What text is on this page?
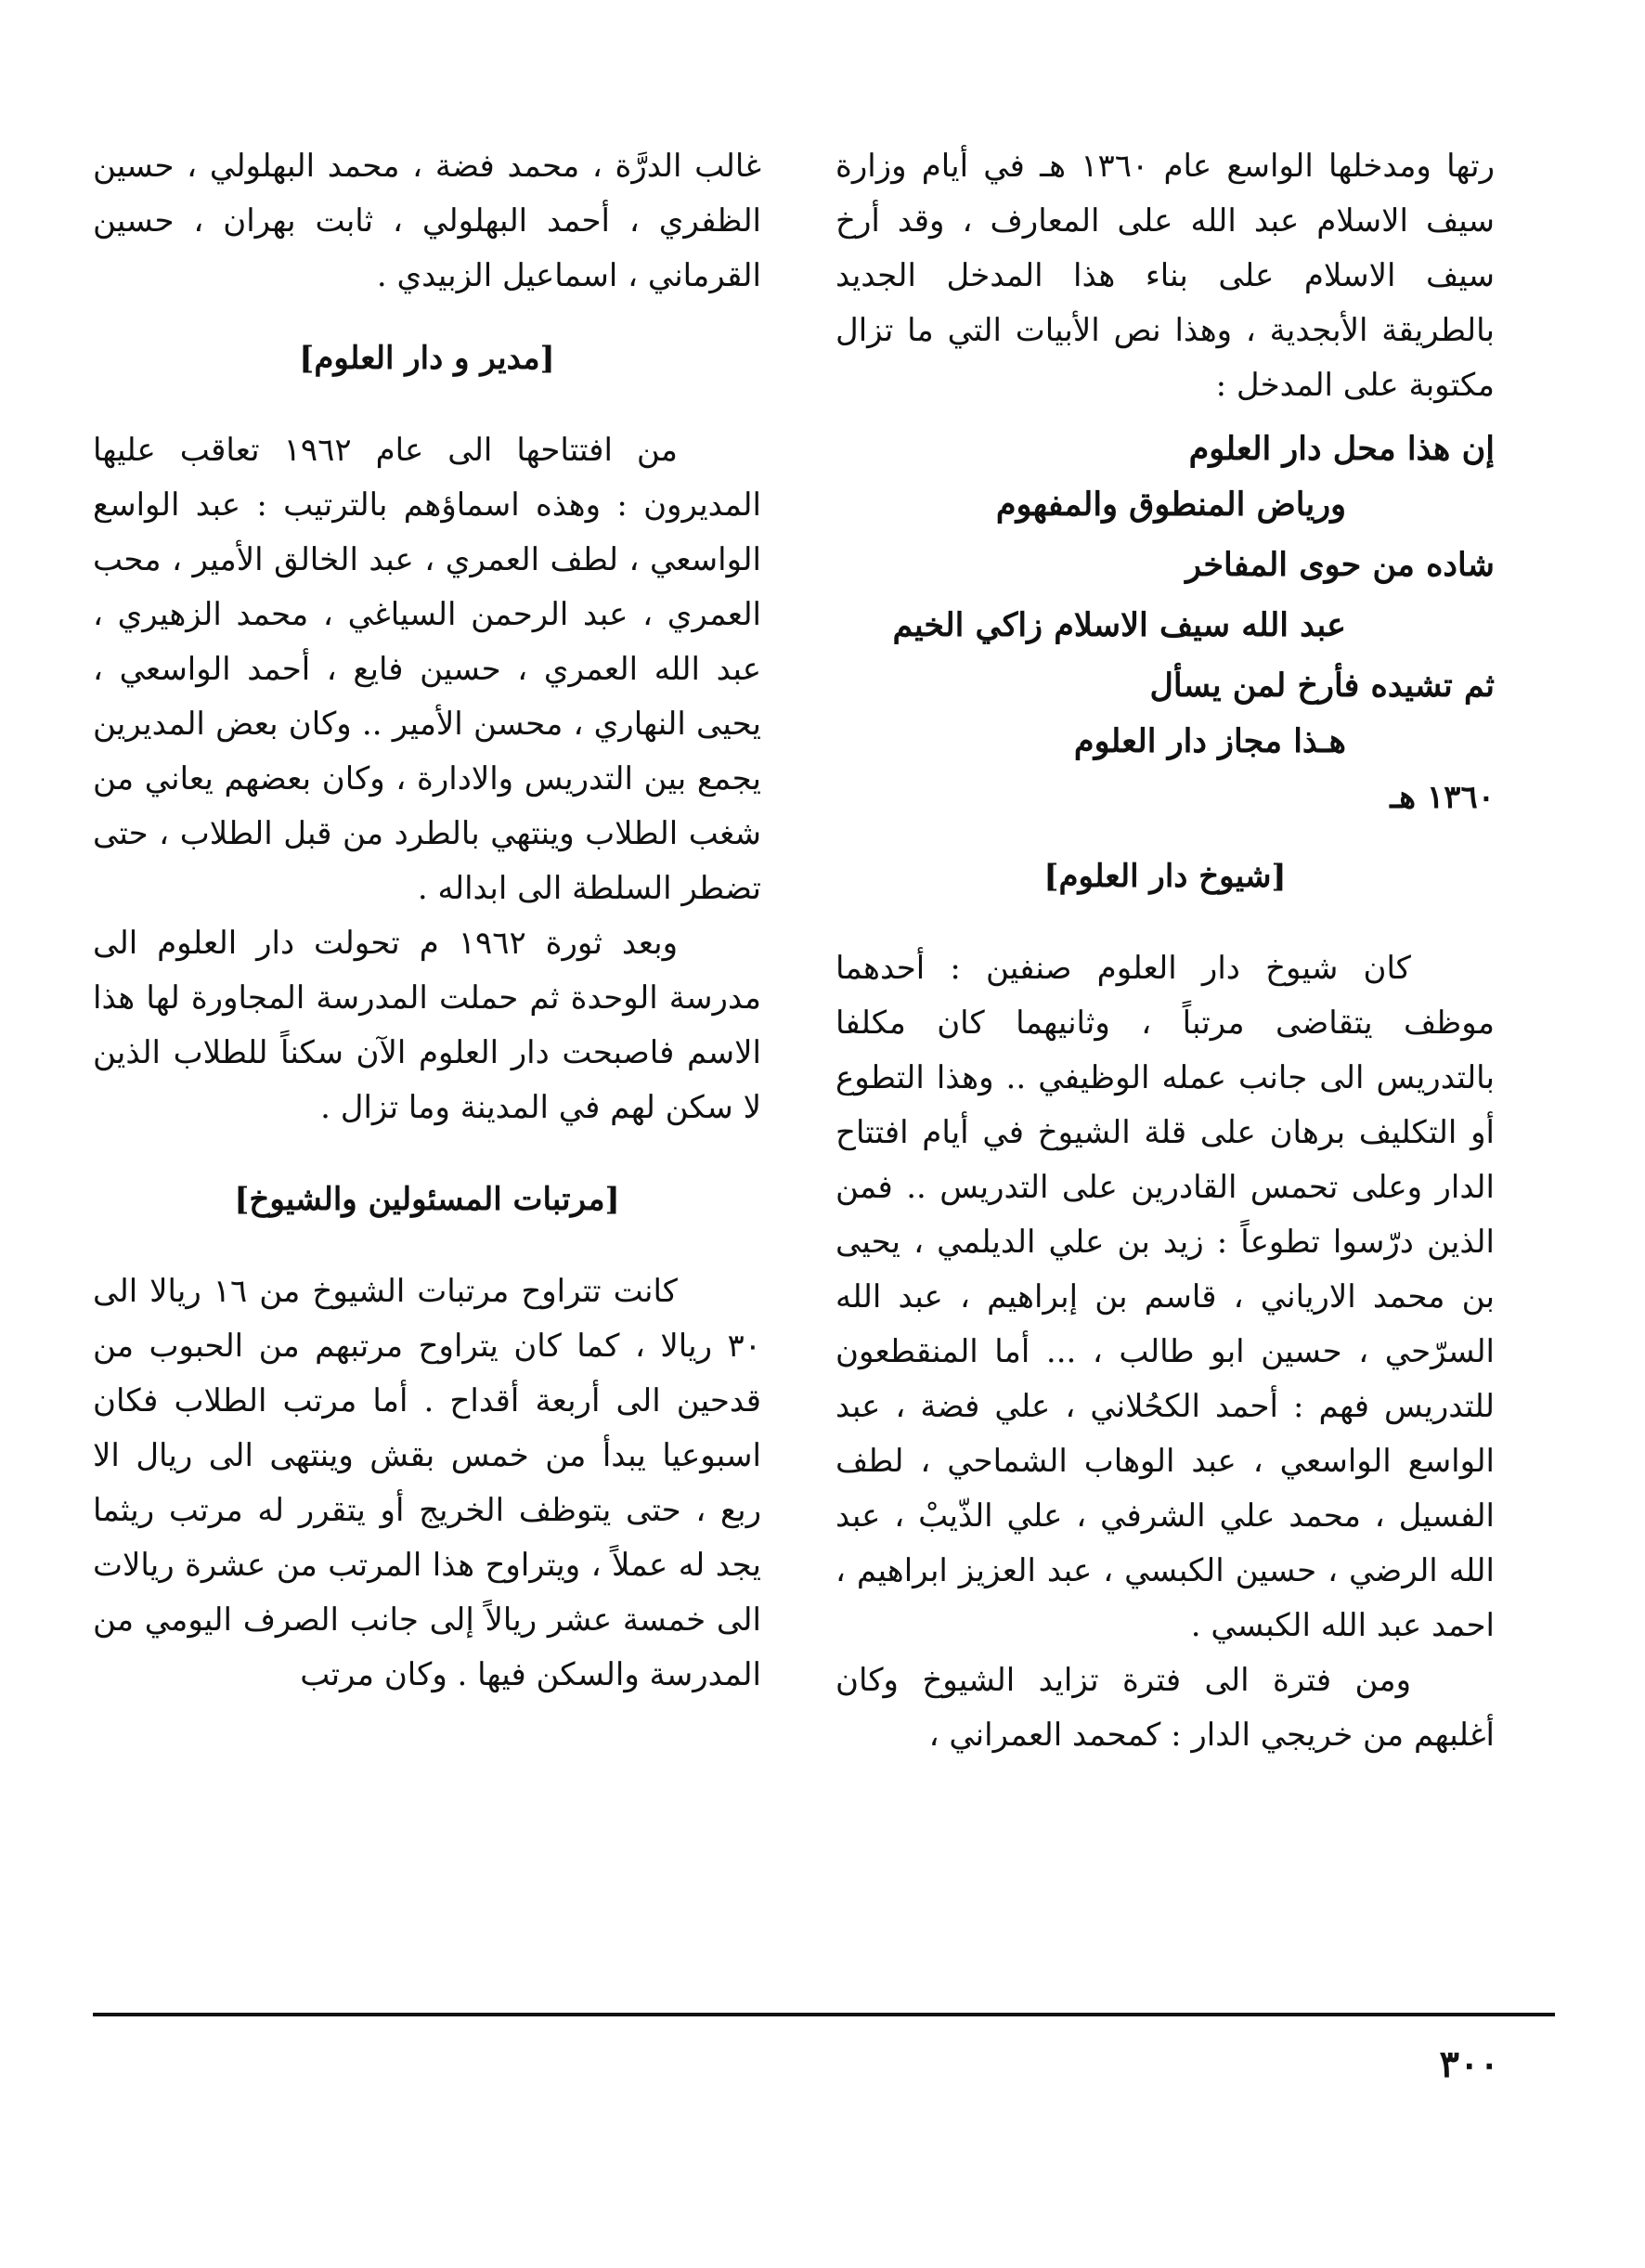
رتها ومدخلها الواسع عام ١٣٦٠ هـ في أيام وزارة سيف الاسلام عبد الله على المعارف ، وقد أرخ سيف الاسلام على بناء هذا المدخل الجديد بالطريقة الأبجدية ، وهذا نص الأبيات التي ما تزال مكتوبة على المدخل :

إن هذا محل دار العلوم
ورياض المنطوق والمفهوم
شاده من حوى المفاخر
عبد الله سيف الاسلام زاكي الخيم
ثم تشيده فأرخ لمن يسأل
هـذا مجاز دار العلوم
١٣٦٠ هـ

[شيوخ دار العلوم]

كان شيوخ دار العلوم صنفين : أحدهما موظف يتقاضى مرتباً ، وثانيهما كان مكلفا بالتدريس الى جانب عمله الوظيفي .. وهذا التطوع أو التكليف برهان على قلة الشيوخ في أيام افتتاح الدار وعلى تحمس القادرين على التدريس .. فمن الذين درّسوا تطوعاً : زيد بن علي الديلمي ، يحيى بن محمد الارياني ، قاسم بن إبراهيم ، عبد الله السرّحي ، حسين ابو طالب ، ... أما المنقطعون للتدريس فهم : أحمد الكحُلاني ، علي فضة ، عبد الواسع الواسعي ، عبد الوهاب الشماحي ، لطف الفسيل ، محمد علي الشرفي ، علي الذّيبْ ، عبد الله الرضي ، حسين الكبسي ، عبد العزيز ابراهيم ، احمد عبد الله الكبسي .

ومن فترة الى فترة تزايد الشيوخ وكان أغلبهم من خريجي الدار : كمحمد العمراني ،

غالب الدرَّة ، محمد فضة ، محمد البهلولي ، حسين الظفري ، أحمد البهلولي ، ثابت بهران ، حسين القرماني ، اسماعيل الزبيدي .

[مدير و دار العلوم]

من افتتاحها الى عام ١٩٦٢ تعاقب عليها المديرون : وهذه اسماؤهم بالترتيب : عبد الواسع الواسعي ، لطف العمري ، عبد الخالق الأمير ، محب العمري ، عبد الرحمن السياغي ، محمد الزهيري ، عبد الله العمري ، حسين فايع ، أحمد الواسعي ، يحيى النهاري ، محسن الأمير .. وكان بعض المديرين يجمع بين التدريس والادارة ، وكان بعضهم يعاني من شغب الطلاب وينتهي بالطرد من قبل الطلاب ، حتى تضطر السلطة الى ابداله .

وبعد ثورة ١٩٦٢ م تحولت دار العلوم الى مدرسة الوحدة ثم حملت المدرسة المجاورة لها هذا الاسم فاصبحت دار العلوم الآن سكناً للطلاب الذين لا سكن لهم في المدينة وما تزال .

[مرتبات المسئولين والشيوخ]

كانت تتراوح مرتبات الشيوخ من ١٦ ريالا الى ٣٠ ريالا ، كما كان يتراوح مرتبهم من الحبوب من قدحين الى أربعة أقداح . أما مرتب الطلاب فكان اسبوعيا يبدأ من خمس بقش وينتهى الى ريال الا ربع ، حتى يتوظف الخريج أو يتقرر له مرتب ريثما يجد له عملاً ، ويتراوح هذا المرتب من عشرة ريالات الى خمسة عشر ريالاً إلى جانب الصرف اليومي من المدرسة والسكن فيها . وكان مرتب

٣٠٠
